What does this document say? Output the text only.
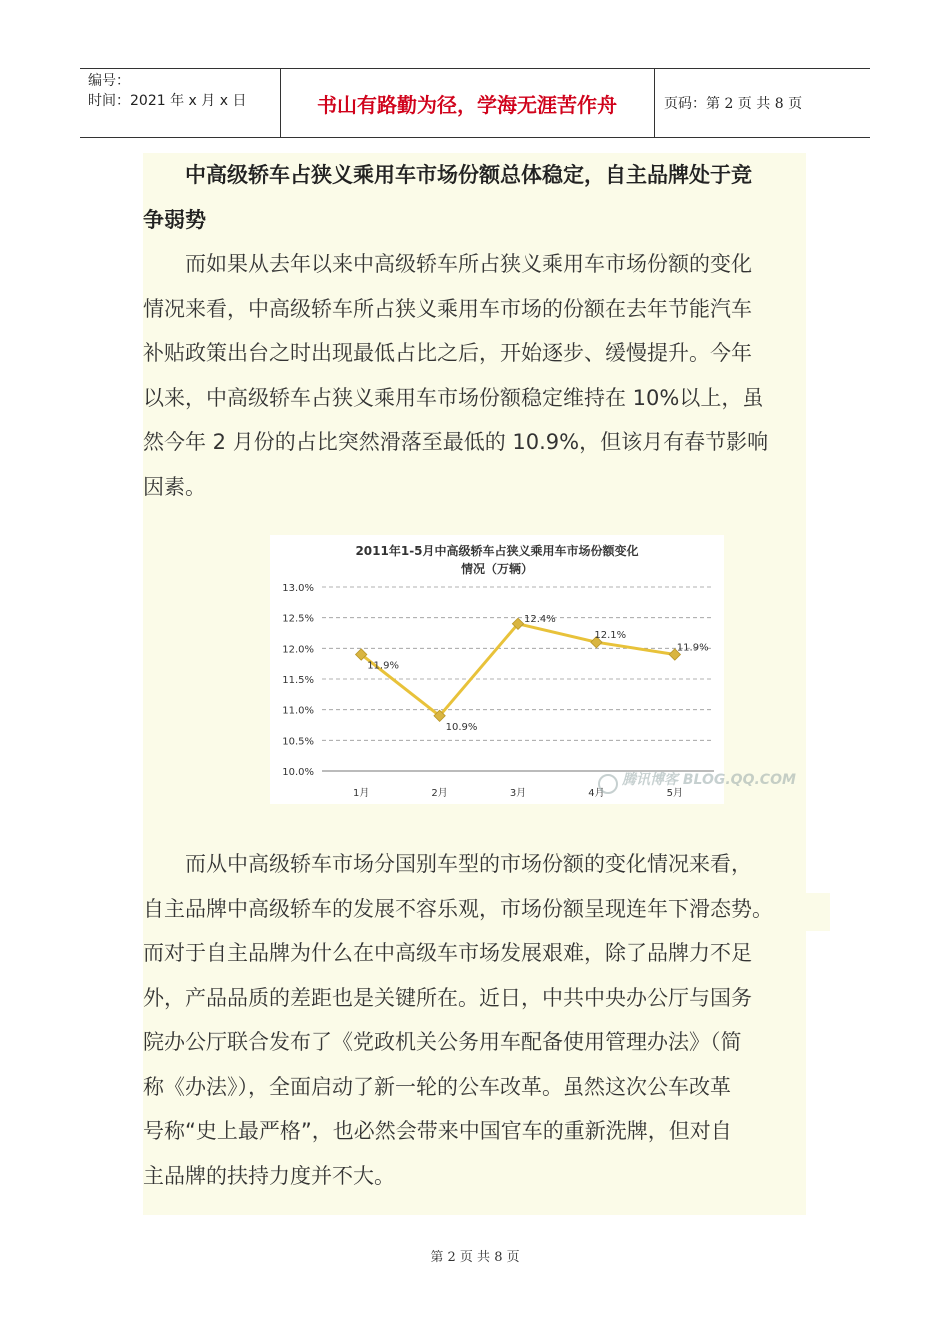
编号：
时间：2021 年 x 月 x 日	书山有路勤为径，学海无涯苦作舟	页码：第 2 页 共 8 页
中高级轿车占狭义乘用车市场份额总体稳定，自主品牌处于竞
争弱势
而如果从去年以来中高级轿车所占狭义乘用车市场份额的变化
情况来看，中高级轿车所占狭义乘用车市场的份额在去年节能汽车
补贴政策出台之时出现最低占比之后，开始逐步、缓慢提升。今年
以来，中高级轿车占狭义乘用车市场份额稳定维持在 10%以上，虽
然今年 2 月份的占比突然滑落至最低的 10.9%，但该月有春节影响
因素。
而从中高级轿车市场分国别车型的市场份额的变化情况来看，
自主品牌中高级轿车的发展不容乐观，市场份额呈现连年下滑态势。
而对于自主品牌为什么在中高级车市场发展艰难，除了品牌力不足
外，产品品质的差距也是关键所在。近日，中共中央办公厅与国务
院办公厅联合发布了《党政机关公务用车配备使用管理办法》（简
称《办法》），全面启动了新一轮的公车改革。虽然这次公车改革
号称“史上最严格”，也必然会带来中国官车的重新洗牌，但对自
主品牌的扶持力度并不大。
2011年1-5月中高级轿车占狭义乘用车市场份额变化
情况（万辆）
13.0%
12.5%
12.0%
11.5%
11.0%
10.5%
10.0%
1月	2月	3月	4月	5月
11.9%
10.9%
12.4%
12.1%
11.9%
腾讯博客 BLOG.QQ.COM
第 2 页 共 8 页
